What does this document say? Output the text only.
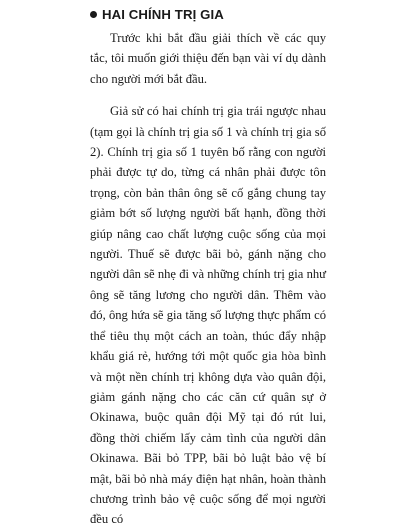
HAI CHÍNH TRỊ GIA

Trước khi bắt đầu giải thích về các quy tắc, tôi muốn giới thiệu đến bạn vài ví dụ dành cho người mới bắt đầu.

Giả sử có hai chính trị gia trái ngược nhau (tạm gọi là chính trị gia số 1 và chính trị gia số 2). Chính trị gia số 1 tuyên bố rằng con người phải được tự do, từng cá nhân phải được tôn trọng, còn bản thân ông sẽ cố gắng chung tay giảm bớt số lượng người bất hạnh, đồng thời giúp nâng cao chất lượng cuộc sống của mọi người. Thuế sẽ được bãi bỏ, gánh nặng cho người dân sẽ nhẹ đi và những chính trị gia như ông sẽ tăng lương cho người dân. Thêm vào đó, ông hứa sẽ gia tăng số lượng thực phẩm có thể tiêu thụ một cách an toàn, thúc đẩy nhập khẩu giá rẻ, hướng tới một quốc gia hòa bình và một nền chính trị không dựa vào quân đội, giảm gánh nặng cho các căn cứ quân sự ở Okinawa, buộc quân đội Mỹ tại đó rút lui, đồng thời chiếm lấy cảm tình của người dân Okinawa. Bãi bỏ TPP, bãi bỏ luật bảo vệ bí mật, bãi bỏ nhà máy điện hạt nhân, hoàn thành chương trình bảo vệ cuộc sống để mọi người đều có
